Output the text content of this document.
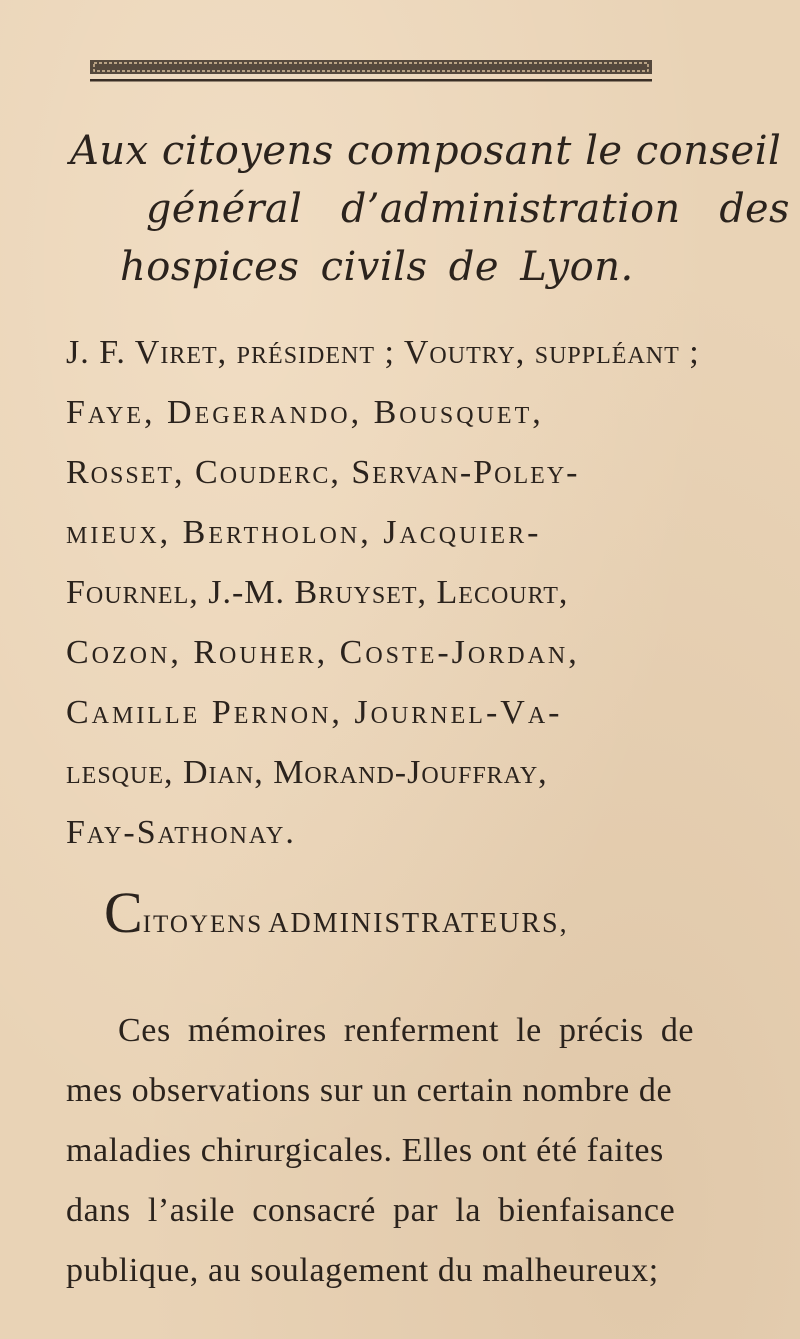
Aux citoyens composant le conseil
général d’administration des
hospices civils de Lyon.
J. F. Viret, président ; Voutry, suppléant ;
Faye, Degerando, Bousquet,
Rosset, Couderc, Servan-Poley-
mieux, Bertholon, Jacquier-
Fournel, J.-M. Bruyset, Lecourt,
Cozon, Rouher, Coste-Jordan,
Camille Pernon, Journel-Va-
lesque, Dian, Morand-Jouffray,
Fay-Sathonay.
CITOYENS ADMINISTRATEURS,
Ces mémoires renferment le précis de
mes observations sur un certain nombre de
maladies chirurgicales. Elles ont été faites
dans l’asile consacré par la bienfaisance
publique, au soulagement du malheureux;
